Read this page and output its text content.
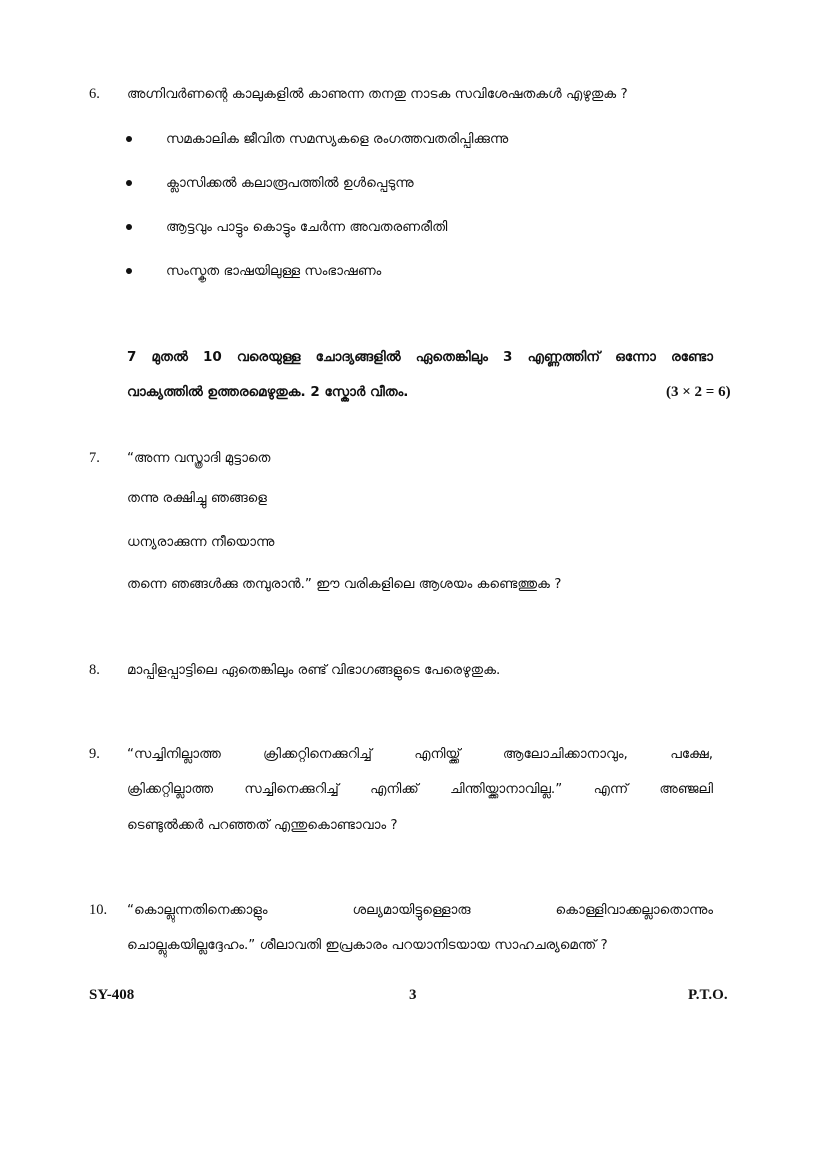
6. അഗ്നിവർണന്റെ കാലുകളിൽ കാണുന്ന തനതു നാടക സവിശേഷതകൾ എഴുതുക ?
സമകാലിക ജീവിത സമസ്യകളെ രംഗത്തവതരിപ്പിക്കുന്നു
ക്ലാസിക്കൽ കലാരൂപത്തിൽ ഉൾപ്പെടുന്നു
ആട്ടവും പാട്ടും കൊട്ടും ചേർന്ന അവതരണരീതി
സംസ്കൃത ഭാഷയിലുള്ള സംഭാഷണം
7 മുതൽ 10 വരെയുള്ള ചോദ്യങ്ങളിൽ ഏതെങ്കിലും 3 എണ്ണത്തിന് ഒന്നോ രണ്ടോ
വാക്യത്തിൽ ഉത്തരമെഴുതുക. 2 സ്കോർ വീതം.	(3 × 2 = 6)
7. “അന്ന വസ്ത്രാദി മുട്ടാതെ
തന്നു രക്ഷിച്ചു ഞങ്ങളെ
ധന്യരാക്കുന്ന നീയൊന്നു
തന്നെ ഞങ്ങൾക്കു തമ്പുരാൻ.” ഈ വരികളിലെ ആശയം കണ്ടെത്തുക ?
8. മാപ്പിളപ്പാട്ടിലെ ഏതെങ്കിലും രണ്ട് വിഭാഗങ്ങളുടെ പേരെഴുതുക.
9. “സച്ചിനില്ലാത്ത ക്രിക്കറ്റിനെക്കുറിച്ച് എനിയ്ക്ക് ആലോചിക്കാനാവും, പക്ഷേ,
ക്രിക്കറ്റില്ലാത്ത സച്ചിനെക്കുറിച്ച് എനിക്ക് ചിന്തിയ്ക്കാനാവില്ല.” എന്ന് അഞ്ജലി
ടെണ്ടുൽക്കർ പറഞ്ഞത് എന്തുകൊണ്ടാവാം ?
10. “കൊല്ലുന്നതിനെക്കാളും ശല്യമായിട്ടുള്ളൊരു കൊള്ളിവാക്കല്ലാതൊന്നും
ചൊല്ലുകയില്ലദ്ദേഹം.” ശീലാവതി ഇപ്രകാരം പറയാനിടയായ സാഹചര്യമെന്ത് ?
SY-408	3	P.T.O.
